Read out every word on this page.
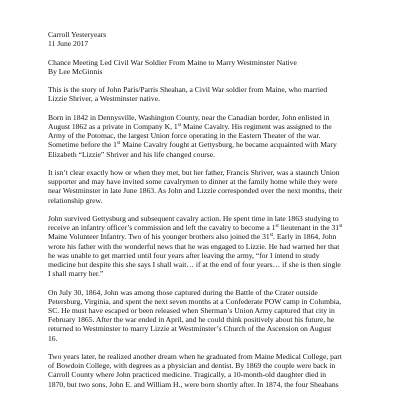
Carroll Yesteryears
11 June 2017
Chance Meeting Led Civil War Soldier From Maine to Marry Westminster Native
By Lee McGinnis

This is the story of John Paris/Parris Sheahan, a Civil War soldier from Maine, who married
Lizzie Shriver, a Westminster native.

Born in 1842 in Dennysville, Washington County, near the Canadian border, John enlisted in
August 1862 as a private in Company K, 1st Maine Cavalry. His regiment was assigned to the
Army of the Potomac, the largest Union force operating in the Eastern Theater of the war.
Sometime before the 1st Maine Cavalry fought at Gettysburg, he became acquainted with Mary
Elizabeth “Lizzie” Shriver and his life changed course.

It isn’t clear exactly how or when they met, but her father, Francis Shriver, was a staunch Union
supporter and may have invited some cavalrymen to dinner at the family home while they were
near Westminster in late June 1863. As John and Lizzie corresponded over the next months, their
relationship grew.

John survived Gettysburg and subsequent cavalry action. He spent time in late 1863 studying to
receive an infantry officer’s commission and left the cavalry to become a 1st lieutenant in the 31st
Maine Volunteer Infantry. Two of his younger brothers also joined the 31st. Early in 1864, John
wrote his father with the wonderful news that he was engaged to Lizzie. He had warned her that
he was unable to get married until four years after leaving the army, “for I intend to study
medicine but despite this she says I shall wait… if at the end of four years… if she is then single
I shall marry her.”

On July 30, 1864, John was among those captured during the Battle of the Crater outside
Petersburg, Virginia, and spent the next seven months at a Confederate POW camp in Columbia,
SC. He must have escaped or been released when Sherman’s Union Army captured that city in
February 1865. After the war ended in April, and he could think positively about his future, he
returned to Westminster to marry Lizzie at Westminster’s Church of the Ascension on August
16.

Two years later, he realized another dream when he graduated from Maine Medical College, part
of Bowdoin College, with degrees as a physician and dentist. By 1869 the couple were back in
Carroll County where John practiced medicine. Tragically, a 10-month-old daughter died in
1870, but two sons, John E. and William H., were born shortly after. In 1874, the four Sheahans
